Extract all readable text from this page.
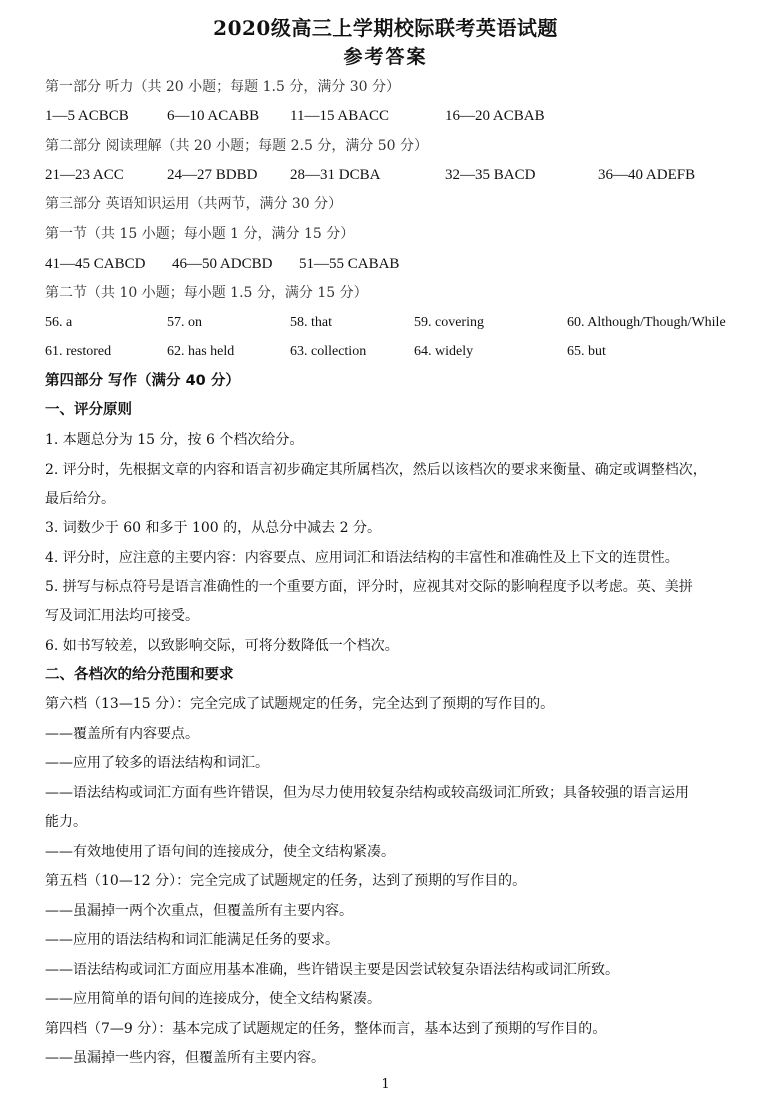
2020级高三上学期校际联考英语试题
参考答案
第一部分 听力（共 20 小题；每题 1.5 分，满分 30 分）
1—5 ACBCB	6—10 ACABB 11—15 ABACC	16—20 ACBAB
第二部分 阅读理解（共 20 小题；每题 2.5 分，满分 50 分）
21—23 ACC	24—27 BDBD 28—31 DCBA	32—35 BACD	36—40 ADEFB
第三部分 英语知识运用（共两节，满分 30 分）
第一节（共 15 小题；每小题 1 分，满分 15 分）
41—45 CABCD 46—50 ADCBD 51—55 CABAB
第二节（共 10 小题；每小题 1.5 分，满分 15 分）
56. a	57. on	58. that	59. covering	60. Although/Though/While
61. restored	62. has held	63. collection	64. widely	65. but
第四部分 写作（满分 40 分）
一、评分原则
1. 本题总分为 15 分，按 6 个档次给分。
2. 评分时，先根据文章的内容和语言初步确定其所属档次，然后以该档次的要求来衡量、确定或调整档次，
最后给分。
3. 词数少于 60 和多于 100 的，从总分中减去 2 分。
4. 评分时，应注意的主要内容：内容要点、应用词汇和语法结构的丰富性和准确性及上下文的连贯性。
5. 拼写与标点符号是语言准确性的一个重要方面，评分时，应视其对交际的影响程度予以考虑。英、美拼
写及词汇用法均可接受。
6. 如书写较差，以致影响交际，可将分数降低一个档次。
二、各档次的给分范围和要求
第六档（13—15 分）：完全完成了试题规定的任务，完全达到了预期的写作目的。
——覆盖所有内容要点。
——应用了较多的语法结构和词汇。
——语法结构或词汇方面有些许错误，但为尽力使用较复杂结构或较高级词汇所致；具备较强的语言运用
能力。
——有效地使用了语句间的连接成分，使全文结构紧凑。
第五档（10—12 分）：完全完成了试题规定的任务，达到了预期的写作目的。
——虽漏掉一两个次重点，但覆盖所有主要内容。
——应用的语法结构和词汇能满足任务的要求。
——语法结构或词汇方面应用基本准确，些许错误主要是因尝试较复杂语法结构或词汇所致。
——应用简单的语句间的连接成分，使全文结构紧凑。
第四档（7—9 分）：基本完成了试题规定的任务，整体而言，基本达到了预期的写作目的。
——虽漏掉一些内容，但覆盖所有主要内容。
1
